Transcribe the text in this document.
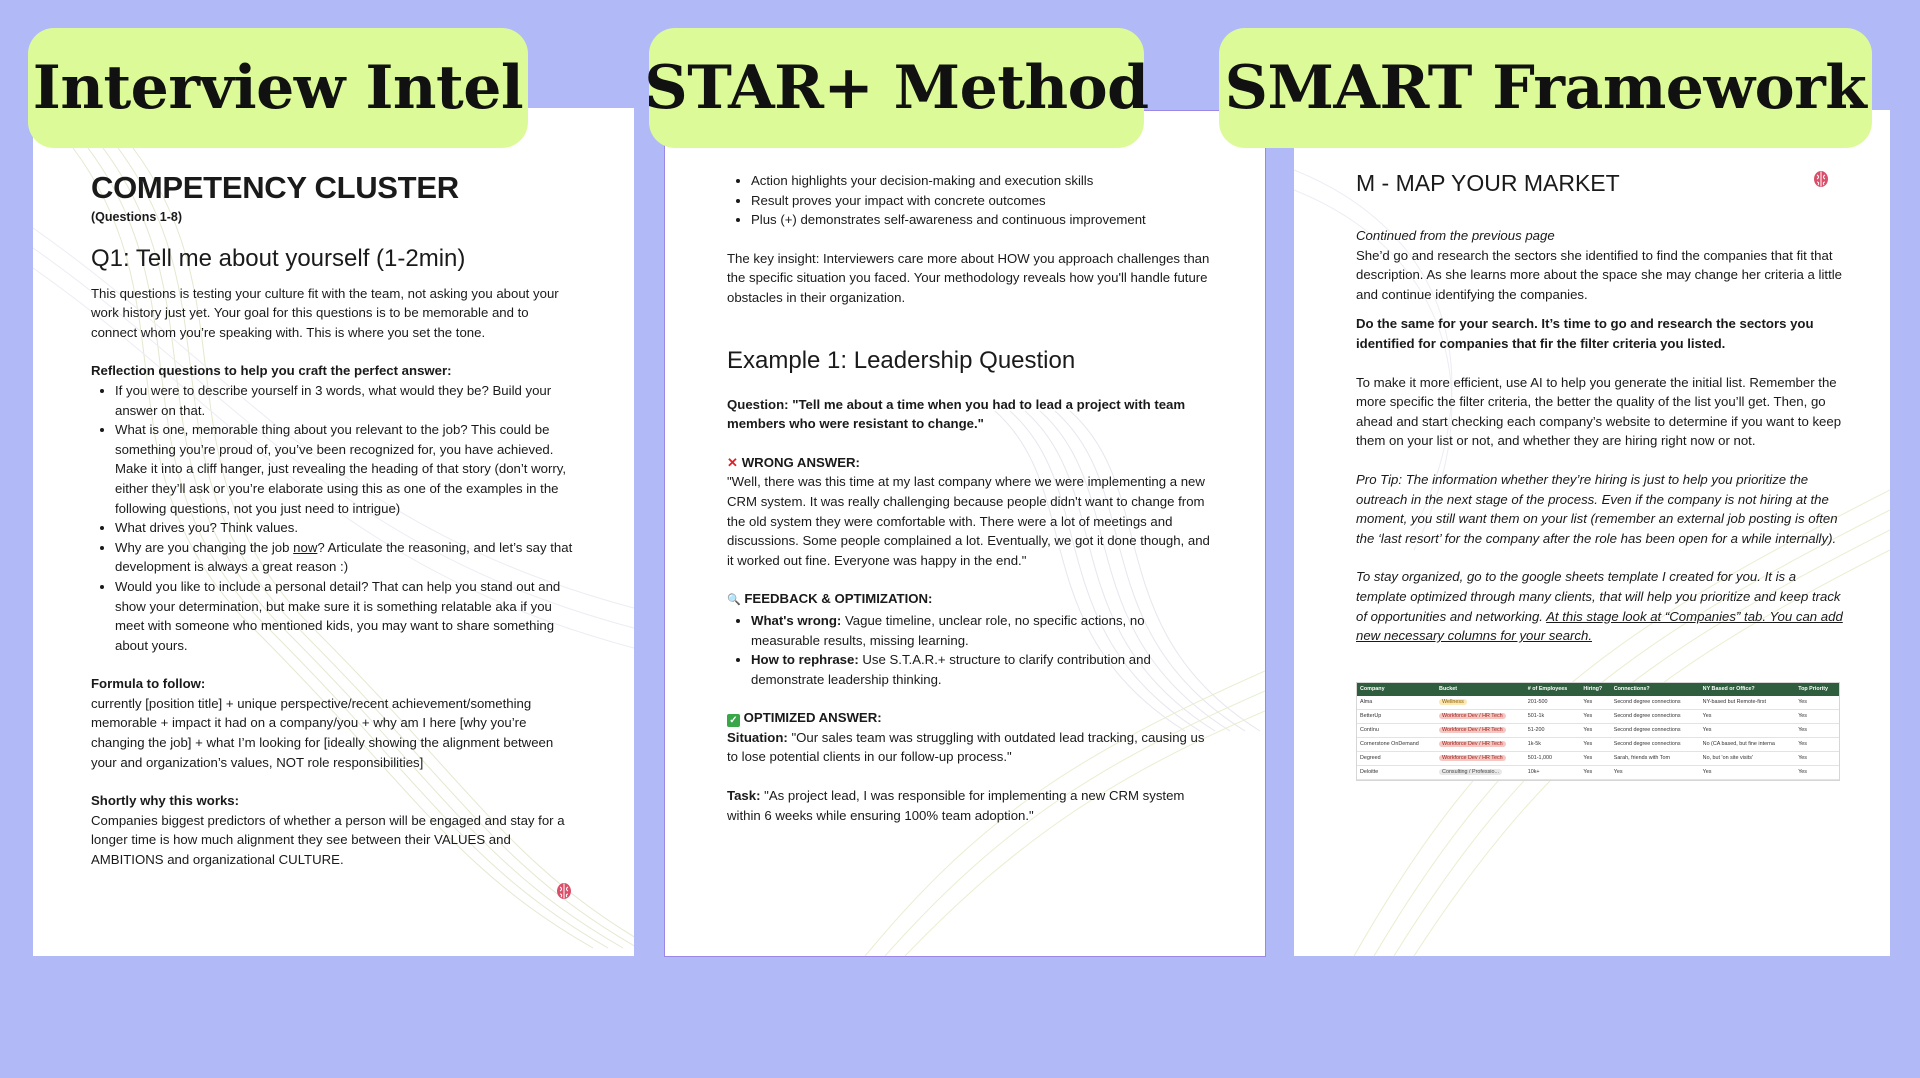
COMPETENCY CLUSTER
(Questions 1-8)
Q1: Tell me about yourself (1-2min)

This questions is testing your culture fit with the team, not asking you about your work history just yet. Your goal for this questions is to be memorable and to connect whom you’re speaking with. This is where you set the tone.

Reflection questions to help you craft the perfect answer:

• If you were to describe yourself in 3 words, what would they be? Build your answer on that.
• What is one, memorable thing about you relevant to the job? This could be something you’re proud of, you’ve been recognized for, you have achieved. Make it into a cliff hanger, just revealing the heading of that story (don’t worry, either they’ll ask or you’re elaborate using this as one of the examples in the following questions, not you just need to intrigue)
• What drives you? Think values.
• Why are you changing the job now? Articulate the reasoning, and let’s say that development is always a great reason :)
• Would you like to include a personal detail? That can help you stand out and show your determination, but make sure it is something relatable aka if you meet with someone who mentioned kids, you may want to share something about yours.

Formula to follow:

currently [position title] + unique perspective/recent achievement/something memorable + impact it had on a company/you + why am I here [why you’re changing the job] + what I’m looking for [ideally showing the alignment between your and organization’s values, NOT role responsibilities]

Shortly why this works:

Companies biggest predictors of whether a person will be engaged and stay for a longer time is how much alignment they see between their VALUES and AMBITIONS and organizational CULTURE.

• Action highlights your decision-making and execution skills
• Result proves your impact with concrete outcomes
• Plus (+) demonstrates self-awareness and continuous improvement

The key insight: Interviewers care more about HOW you approach challenges than the specific situation you faced. Your methodology reveals how you'll handle future obstacles in their organization.

Example 1: Leadership Question

Question: "Tell me about a time when you had to lead a project with team members who were resistant to change."

✕ WRONG ANSWER:

"Well, there was this time at my last company where we were implementing a new CRM system. It was really challenging because people didn't want to change from the old system they were comfortable with. There were a lot of meetings and discussions. Some people complained a lot. Eventually, we got it done though, and it worked out fine. Everyone was happy in the end."

🔍 FEEDBACK & OPTIMIZATION:

• What's wrong: Vague timeline, unclear role, no specific actions, no measurable results, missing learning.
• How to rephrase: Use S.T.A.R.+ structure to clarify contribution and demonstrate leadership thinking.

✓ OPTIMIZED ANSWER:

Situation: "Our sales team was struggling with outdated lead tracking, causing us to lose potential clients in our follow-up process."

Task: "As project lead, I was responsible for implementing a new CRM system within 6 weeks while ensuring 100% team adoption."

M - MAP YOUR MARKET

Continued from the previous page

She’d go and research the sectors she identified to find the companies that fit that description. As she learns more about the space she may change her criteria a little and continue identifying the companies.

Do the same for your search. It’s time to go and research the sectors you identified for companies that fir the filter criteria you listed.

To make it more efficient, use AI to help you generate the initial list. Remember the more specific the filter criteria, the better the quality of the list you’ll get. Then, go ahead and start checking each company’s website to determine if you want to keep them on your list or not, and whether they are hiring right now or not.

Pro Tip: The information whether they’re hiring is just to help you prioritize the outreach in the next stage of the process. Even if the company is not hiring at the moment, you still want them on your list (remember an external job posting is often the ‘last resort’ for the company after the role has been open for a while internally).

To stay organized, go to the google sheets template I created for you. It is a template optimized through many clients, that will help you prioritize and keep track of opportunities and networking. At this stage look at “Companies” tab. You can add new necessary columns for your search.

Company	Bucket	# of Employees	Hiring?	Connections?	NY Based or Office?	Top Priority
Alma	Wellness	201-500	Yes	Second degree connections	NY-based but Remote-first	Yes
BetterUp	Workforce Dev / HR Tech	501-1k	Yes	Second degree connections	Yes	Yes
Contínu	Workforce Dev / HR Tech	51-200	Yes	Second degree connections	Yes	Yes
Cornerstone OnDemand	Workforce Dev / HR Tech	1k-5k	Yes	Second degree connections	No (CA based, but fine interna	Yes
Degreed	Workforce Dev / HR Tech	501-1,000	Yes	Sarah, friends with Tom	No, but 'on site visits'	Yes
Deloitte	Consulting / Professio...	10k+	Yes	Yes	Yes	Yes
Interview Intel STAR+ Method SMART Framework
